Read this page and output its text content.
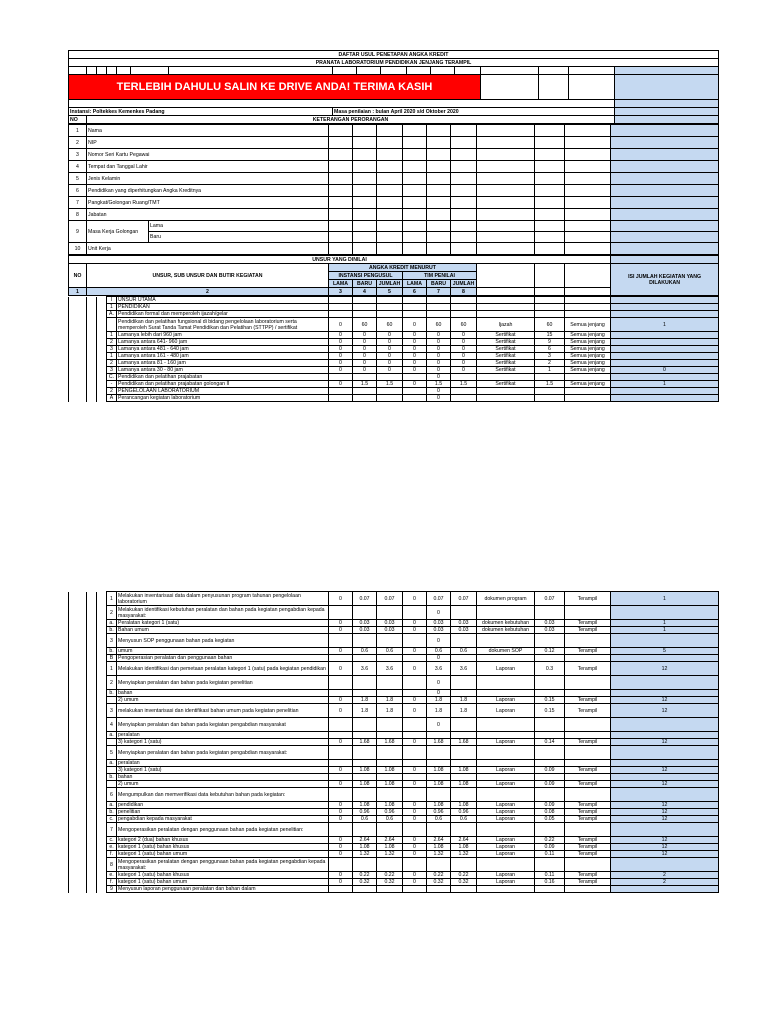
DAFTAR USUL PENETAPAN ANGKA KREDIT																
PRANATA LABORATORIUM PENDIDIKAN JENJANG TERAMPIL																

TERLEBIH DAHULU SALIN KE DRIVE ANDA! TERIMA KASIH																

Instansi: Poltekkes Kemenkes Padang							Masa penilaian : bulan April 2020 s/d Oktober 2020									
NO	KETERANGAN PERORANGAN															
1	Nama											
2	NIP											
3	Nomor Seri Kartu Pegawai											
4	Tempat dan Tanggal Lahir											
5	Jenis Kelamin											
6	Pendidikan yang diperhitungkan Angka Kreditnya											
7	Pangkat/Golongan Ruang/TMT											
8	Jabatan											
9	Masa Kerja Golongan	Lama										
		Baru										
10	Unit Kerja											
UNSUR YANG DINILAI											
NO	UNSUR, SUB UNSUR DAN BUTIR KEGIATAN	ANGKA KREDIT MENURUT									ISI JUMLAH KEGIATAN YANG DILAKUKAN
		INSTANSI PENGUSUL			TIM PENILAI						
		LAMA	BARU	JUMLAH	LAMA	BARU	JUMLAH				
1	2	3	4	5	6	7	8				
			I	UNSUR UTAMA										
			1	PENDIDIKAN										
			A.	Pendidikan formal dan memperoleh ijazah/gelar										
				Pendidikan dan pelatihan fungsional di bidang pengelolaan laboratorium serta memperoleh Surat Tanda Tamat Pendidikan dan Pelatihan (STTPP) / sertifikat	0	60	60	0	60	60	Ijazah	60	Semua jenjang	1
			1	Lamanya lebih dari 960 jam	0	0	0	0	0	0	Sertifikat	15	Semua jenjang	
			2	Lamanya antara 641- 960 jam	0	0	0	0	0	0	Sertifikat	9	Semua jenjang	
			3	Lamanya antara 481 - 640 jam	0	0	0	0	0	0	Sertifikat	6	Semua jenjang	
			1	Lamanya antara 161 - 480 jam	0	0	0	0	0	0	Sertifikat	3	Semua jenjang	
			2	Lamanya antara 81 - 160 jam	0	0	0	0	0	0	Sertifikat	2	Semua jenjang	
			3	Lamanya antara 30 - 80 jam	0	0	0	0	0	0	Sertifikat	1	Semua jenjang	0
			C.	Pendidikan dan pelatihan prajabatan					0					
			-	Pendidikan dan pelatihan prajabatan golongan II	0	1.5	1.5	0	1.5	1.5	Sertifikat	1.5	Semua jenjang	1
			2	PENGELOLAAN LABORATORIUM					0					
			A	Perancangan kegiatan laboratorium					0					
			1	Melakukan inventarisasi data dalam penyusunan program tahunan pengelolaan laboratorium	0	0.07	0.07	0	0.07	0.07	dokumen program	0.07	Terampil	1
			2	Melakukan identifikasi kebutuhan peralatan dan bahan pada kegiatan pengabdian kepada masyarakat:					0					
			a.	Peralatan kategori 1 (satu)	0	0.03	0.03	0	0.03	0.03	dokumen kebutuhan	0.03	Terampil	1
			b.	Bahan umum	0	0.03	0.03	0	0.03	0.03	dokumen kebutuhan	0.03	Terampil	1
			3	Menyusun SOP penggunaan bahan pada kegiatan					0					
			b.	umum	0	0.6	0.6	0	0.6	0.6	dokumen SOP	0.12	Terampil	5
			B	Pengoperasian peralatan dan penggunaan bahan					0					
			1	Melakukan identifikasi dan pemetaan peralatan kategori 1 (satu) pada kegiatan pendidikan	0	3.6	3.6	0	3.6	3.6	Laporan	0.3	Terampil	12
			2	Menyiapkan peralatan dan bahan pada kegiatan penelitian					0					
			b.	bahan					0					
				2) umum	0	1.8	1.8	0	1.8	1.8	Laporan	0.15	Terampil	12
			3	melakukan inventarisasi dan identifikasi bahan umum pada kegiatan penelitian	0	1.8	1.8	0	1.8	1.8	Laporan	0.15	Terampil	12
			4	Menyiapkan peralatan dan bahan pada kegiatan pengabdian masyarakat					0					
			a.	peralatan										
				3) kategori 1 (satu)	0	1.68	1.68	0	1.68	1.68	Laporan	0.14	Terampil	12
			5	Menyiapkan peralatan dan bahan pada kegiatan pengabdian masyarakat:										
			a.	peralatan										
				3) kategori 1 (satu)	0	1.08	1.08	0	1.08	1.08	Laporan	0.09	Terampil	12
			b.	bahan										
				2) umum	0	1.08	1.08	0	1.08	1.08	Laporan	0.09	Terampil	12
			6	Mengumpulkan dan memverifikasi data kebutuhan bahan pada kegiatan:										
			a.	pendidikan	0	1.08	1.08	0	1.08	1.08	Laporan	0.09	Terampil	12
			b.	penelitian	0	0.96	0.96	0	0.96	0.96	Laporan	0.08	Terampil	12
			c.	pengabdian kepada masyarakat	0	0.6	0.6	0	0.6	0.6	Laporan	0.05	Terampil	12
			7	Mengoperasikan peralatan dengan penggunaan bahan pada kegiatan penelitian:										
			c.	kategori 2 (dua) bahan khusus	0	2.64	2.64	0	2.64	2.64	Laporan	0.22	Terampil	12
			e.	kategori 1 (satu) bahan khusus	0	1.08	1.08	0	1.08	1.08	Laporan	0.09	Terampil	12
			f.	kategori 1 (satu) bahan umum	0	1.32	1.32	0	1.32	1.32	Laporan	0.11	Terampil	12
			8	Mengoperasikan peralatan dengan penggunaan bahan pada kegiatan pengabdian kepada masyarakat:										
			e.	kategori 1 (satu) bahan khusus	0	0.22	0.22	0	0.22	0.22	Laporan	0.11	Terampil	2
			f.	kategori 1 (satu) bahan umum	0	0.32	0.32	0	0.32	0.32	Laporan	0.16	Terampil	2
			9	Menyusun laporan penggunaan peralatan dan bahan dalam										
